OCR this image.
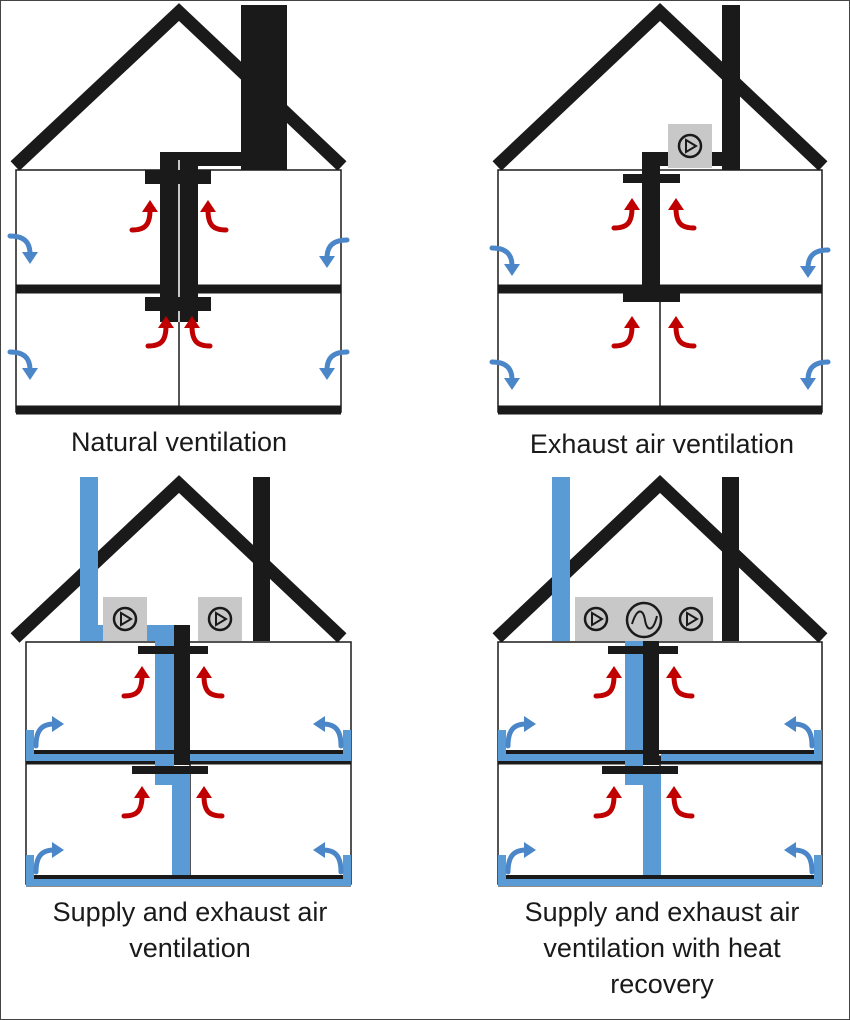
Natural ventilation	Exhaust air ventilation
Supply and exhaust air
ventilation
Supply and exhaust air
ventilation with heat
recovery
